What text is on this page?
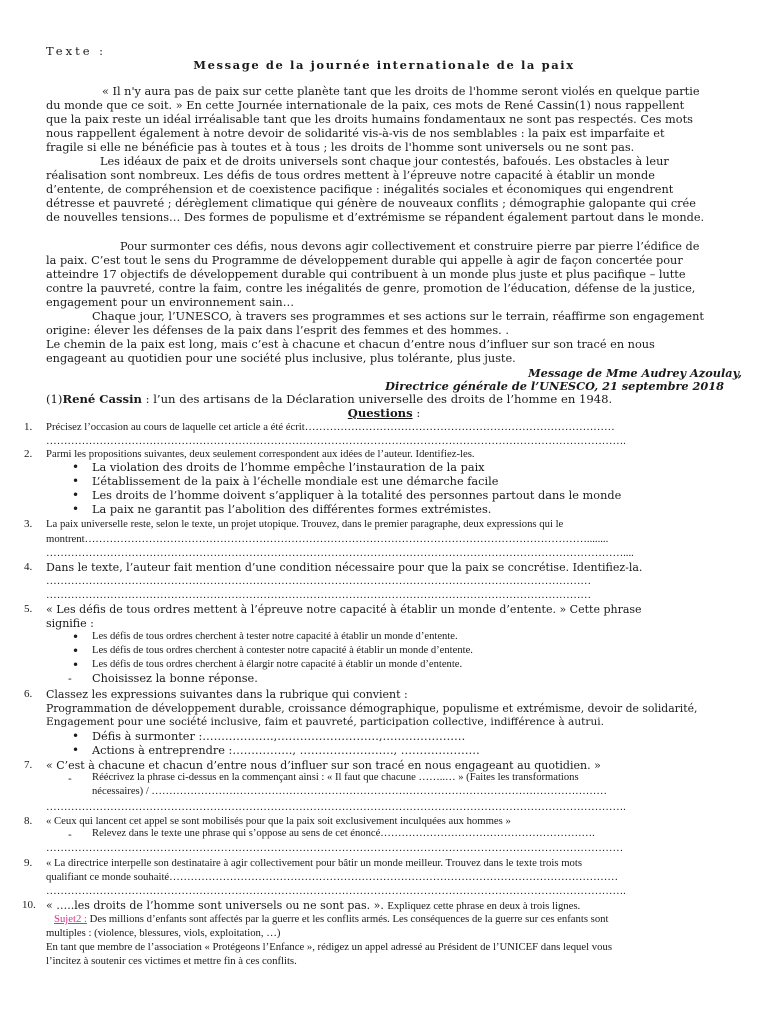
Texte :
Message de la journée internationale de la paix
« Il n'y aura pas de paix sur cette planète tant que les droits de l'homme seront violés en quelque partie
du monde que ce soit. » En cette Journée internationale de la paix, ces mots de René Cassin(1) nous rappellent
que la paix reste un idéal irréalisable tant que les droits humains fondamentaux ne sont pas respectés. Ces mots
nous rappellent également à notre devoir de solidarité vis-à-vis de nos semblables : la paix est imparfaite et
fragile si elle ne bénéficie pas à toutes et à tous ; les droits de l'homme sont universels ou ne sont pas.
Les idéaux de paix et de droits universels sont chaque jour contestés, bafoués. Les obstacles à leur
réalisation sont nombreux. Les défis de tous ordres mettent à l’épreuve notre capacité à établir un monde
d’entente, de compréhension et de coexistence pacifique : inégalités sociales et économiques qui engendrent
détresse et pauvreté ; dérèglement climatique qui génère de nouveaux conflits ; démographie galopante qui crée
de nouvelles tensions… Des formes de populisme et d’extrémisme se répandent également partout dans le monde.
Pour surmonter ces défis, nous devons agir collectivement et construire pierre par pierre l’édifice de
la paix. C’est tout le sens du Programme de développement durable qui appelle à agir de façon concertée pour
atteindre 17 objectifs de développement durable qui contribuent à un monde plus juste et plus pacifique – lutte
contre la pauvreté, contre la faim, contre les inégalités de genre, promotion de l’éducation, défense de la justice,
engagement pour un environnement sain…
Chaque jour, l’UNESCO, à travers ses programmes et ses actions sur le terrain, réaffirme son engagement
origine: élever les défenses de la paix dans l’esprit des femmes et des hommes. .
Le chemin de la paix est long, mais c’est à chacune et chacun d’entre nous d’influer sur son tracé en nous
engageant au quotidien pour une société plus inclusive, plus tolérante, plus juste.
Message de Mme Audrey Azoulay,
Directrice générale de l’UNESCO, 21 septembre 2018
(1)René Cassin : l’un des artisans de la Déclaration universelle des droits de l’homme en 1948.
Questions :
1. Précisez l’occasion au cours de laquelle cet article a été écrit……………………………………………………………………………
……………………………………………………………………………………………………………………………………………….
2. Parmi les propositions suivantes, deux seulement correspondent aux idées de l’auteur. Identifiez-les.
• La violation des droits de l’homme empêche l’instauration de la paix
• L’établissement de la paix à l’échelle mondiale est une démarche facile
• Les droits de l’homme doivent s’appliquer à la totalité des personnes partout dans le monde
• La paix ne garantit pas l’abolition des différentes formes extrémistes.
3. La paix universelle reste, selon le texte, un projet utopique. Trouvez, dans le premier paragraphe, deux expressions qui le
montrent……………………………………………………………………………………………………………………………........
………………………………………………………………………………………………………………………………………………....
4. Dans le texte, l’auteur fait mention d’une condition nécessaire pour que la paix se concrétise. Identifiez-la.
………………………………………………………………………………………………………………………………………
………………………………………………………………………………………………………………………………………
5. « Les défis de tous ordres mettent à l’épreuve notre capacité à établir un monde d’entente. » Cette phrase
signifie :
• Les défis de tous ordres cherchent à tester notre capacité à établir un monde d’entente.
• Les défis de tous ordres cherchent à contester notre capacité à établir un monde d’entente.
• Les défis de tous ordres cherchent à élargir notre capacité à établir un monde d’entente.
- Choisissez la bonne réponse.
6. Classez les expressions suivantes dans la rubrique qui convient :
Programmation de développement durable, croissance démographique, populisme et extrémisme, devoir de solidarité,
Engagement pour une société inclusive, faim et pauvreté, participation collective, indifférence à autrui.
• Défis à surmonter :……………….,………………………,………………….
• Actions à entreprendre :……………., ……………………., …………………
7. « C’est à chacune et chacun d’entre nous d’influer sur son tracé en nous engageant au quotidien. »
- Réécrivez la phrase ci-dessus en la commençant ainsi : « Il faut que chacune ……..… » (Faites les transformations
nécessaires) / …………………………………………………………………………………………………………………
……………………………………………………………………………………………………………………………………………….
8. « Ceux qui lancent cet appel se sont mobilisés pour que la paix soit exclusivement inculquées aux hommes »
- Relevez dans le texte une phrase qui s’oppose au sens de cet énoncé…………………………………………………….
………………………………………………………………………………………………………………………………………………
9. « La directrice interpelle son destinataire à agir collectivement pour bâtir un monde meilleur. Trouvez dans le texte trois mots
qualifiant ce monde souhaité………………………………………………………………………………………………………………
……………………………………………………………………………………………………………………………………………….
10. « …..les droits de l’homme sont universels ou ne sont pas. ». Expliquez cette phrase en deux à trois lignes.
Sujet2 : Des millions d’enfants sont affectés par la guerre et les conflits armés. Les conséquences de la guerre sur ces enfants sont
multiples : (violence, blessures, viols, exploitation, …)
En tant que membre de l’association « Protégeons l’Enfance », rédigez un appel adressé au Président de l’UNICEF dans lequel vous
l’incitez à soutenir ces victimes et mettre fin à ces conflits.
